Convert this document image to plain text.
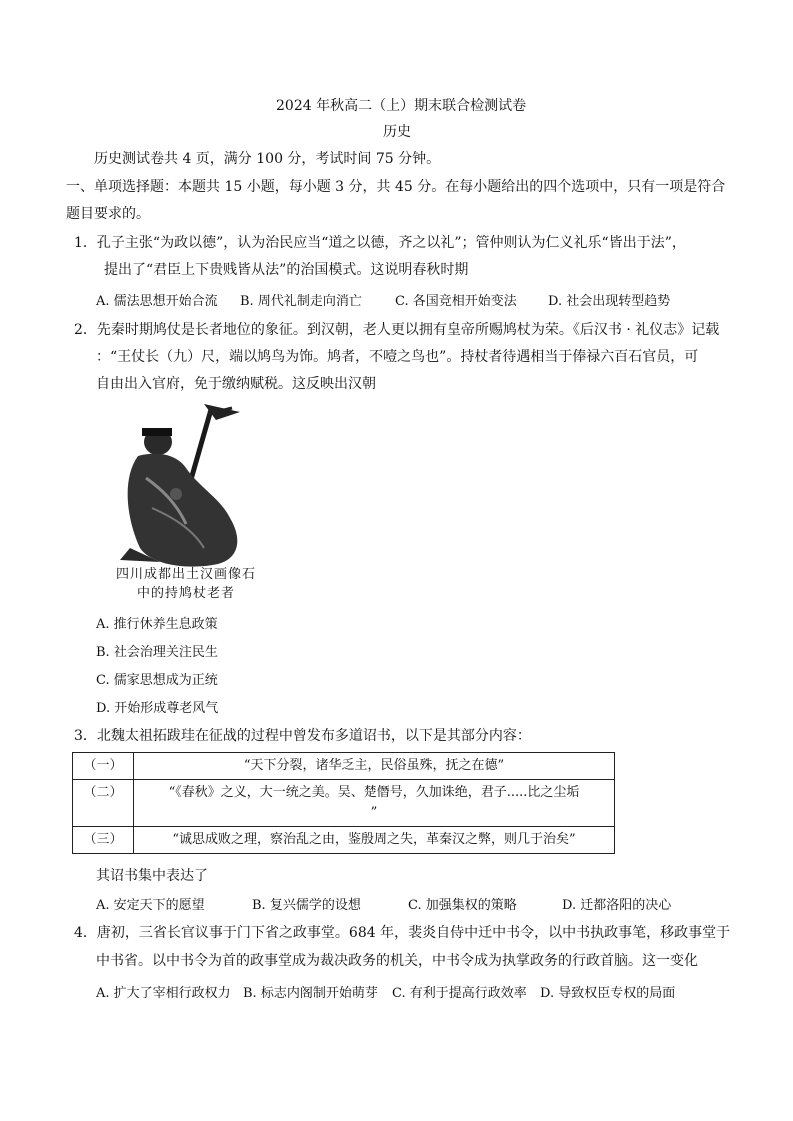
2024 年秋高二（上）期末联合检测试卷
历史
历史测试卷共 4 页，满分 100 分，考试时间 75 分钟。
一、单项选择题：本题共 15 小题，每小题 3 分，共 45 分。在每小题给出的四个选项中，只有一项是符合
题目要求的。
1．孔子主张“为政以德”，认为治民应当“道之以德，齐之以礼”；管仲则认为仁义礼乐“皆出于法”，
提出了“君臣上下贵贱皆从法”的治国模式。这说明春秋时期
A. 儒法思想开始合流 B. 周代礼制走向消亡	C. 各国竞相开始变法 D. 社会出现转型趋势
2．先秦时期鸠仗是长者地位的象征。到汉朝，老人更以拥有皇帝所赐鸠杖为荣。《后汉书 · 礼仪志》记载
：“王仗长（九）尺，端以鸠鸟为饰。鸠者，不噎之鸟也”。持杖者待遇相当于俸禄六百石官员，可
自由出入官府，免于缴纳赋税。这反映出汉朝
四川成都出土汉画像石
中的持鸠杖老者
A. 推行休养生息政策
B. 社会治理关注民生
C. 儒家思想成为正统
D. 开始形成尊老风气
3．北魏太祖拓跋珪在征战的过程中曾发布多道诏书，以下是其部分内容：
（一）	“天下分裂，诸华乏主，民俗虽殊，抚之在德”
（二）	“《春秋》之义，大一统之美。吴、楚僭号，久加诛绝，君子.....比之尘垢
”

（三）	“诚思成败之理，察治乱之由，鉴殷周之失，革秦汉之弊，则几于治矣”
其诏书集中表达了
A. 安定天下的愿望	B. 复兴儒学的设想	C. 加强集权的策略	D. 迁都洛阳的决心
4．唐初，三省长官议事于门下省之政事堂。684 年，裴炎自侍中迁中书令，以中书执政事笔，移政事堂于
中书省。以中书令为首的政事堂成为裁决政务的机关，中书令成为执掌政务的行政首脑。这一变化
A. 扩大了宰相行政权力 B. 标志内阁制开始萌芽 C. 有利于提高行政效率 D. 导致权臣专权的局面
